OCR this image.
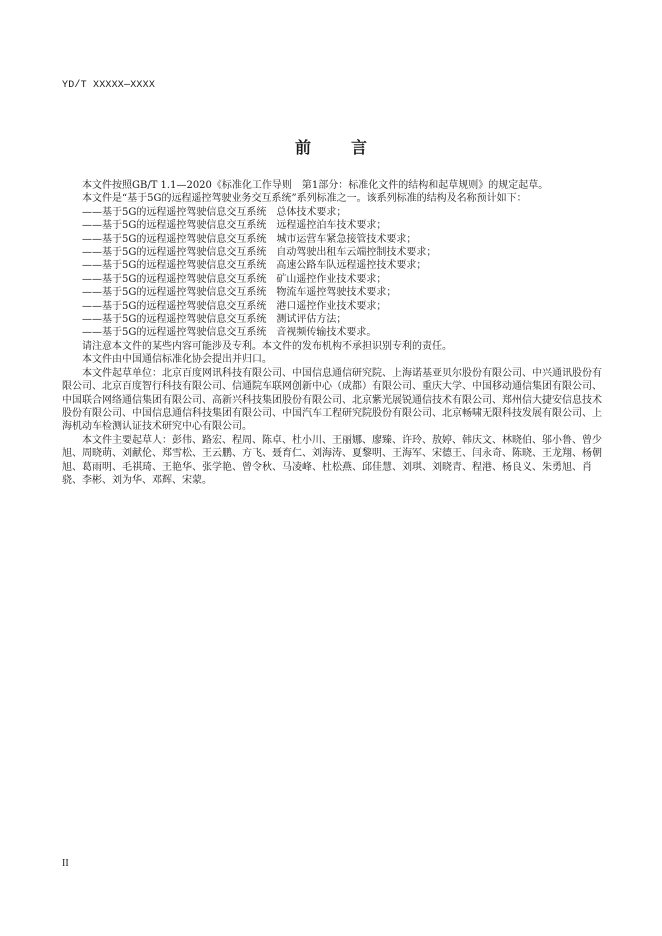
YD/T XXXXX—XXXX
前	言

本文件按照GB/T 1.1—2020《标准化工作导则　第1部分：标准化文件的结构和起草规则》的规定起草。

本文件是“基于5G的远程遥控驾驶业务交互系统”系列标准之一。该系列标准的结构及名称预计如下：

——基于5G的远程遥控驾驶信息交互系统　总体技术要求；
——基于5G的远程遥控驾驶信息交互系统　远程遥控泊车技术要求；
——基于5G的远程遥控驾驶信息交互系统　城市运营车紧急接管技术要求；
——基于5G的远程遥控驾驶信息交互系统　自动驾驶出租车云端控制技术要求；
——基于5G的远程遥控驾驶信息交互系统　高速公路车队远程遥控技术要求；
——基于5G的远程遥控驾驶信息交互系统　矿山遥控作业技术要求；
——基于5G的远程遥控驾驶信息交互系统　物流车遥控驾驶技术要求；
——基于5G的远程遥控驾驶信息交互系统　港口遥控作业技术要求；
——基于5G的远程遥控驾驶信息交互系统　测试评估方法；
——基于5G的远程遥控驾驶信息交互系统　音视频传输技术要求。

请注意本文件的某些内容可能涉及专利。本文件的发布机构不承担识别专利的责任。

本文件由中国通信标准化协会提出并归口。

本文件起草单位：北京百度网讯科技有限公司、中国信息通信研究院、上海诺基亚贝尔股份有限公司、中兴通讯股份有限公司、北京百度智行科技有限公司、信通院车联网创新中心（成都）有限公司、重庆大学、中国移动通信集团有限公司、中国联合网络通信集团有限公司、高新兴科技集团股份有限公司、北京紫光展锐通信技术有限公司、郑州信大捷安信息技术股份有限公司、中国信息通信科技集团有限公司、中国汽车工程研究院股份有限公司、北京畅啸无限科技发展有限公司、上海机动车检测认证技术研究中心有限公司。

本文件主要起草人：彭伟、路宏、程周、陈卓、杜小川、王丽娜、廖臻、许玲、敖婷、韩庆文、林晓伯、邬小鲁、曾少旭、周晓萌、刘献伦、郑雪松、王云鹏、方飞、聂育仁、刘海涛、夏黎明、王海军、宋德王、闫永奇、陈晓、王龙翔、杨朝旭、葛雨明、毛祺琦、王艳华、张学艳、曾令秋、马凌峰、杜松燕、邱佳慧、刘琪、刘晓青、程港、杨良义、朱勇旭、肖骁、李彬、刘为华、邓辉、宋蒙。

II
